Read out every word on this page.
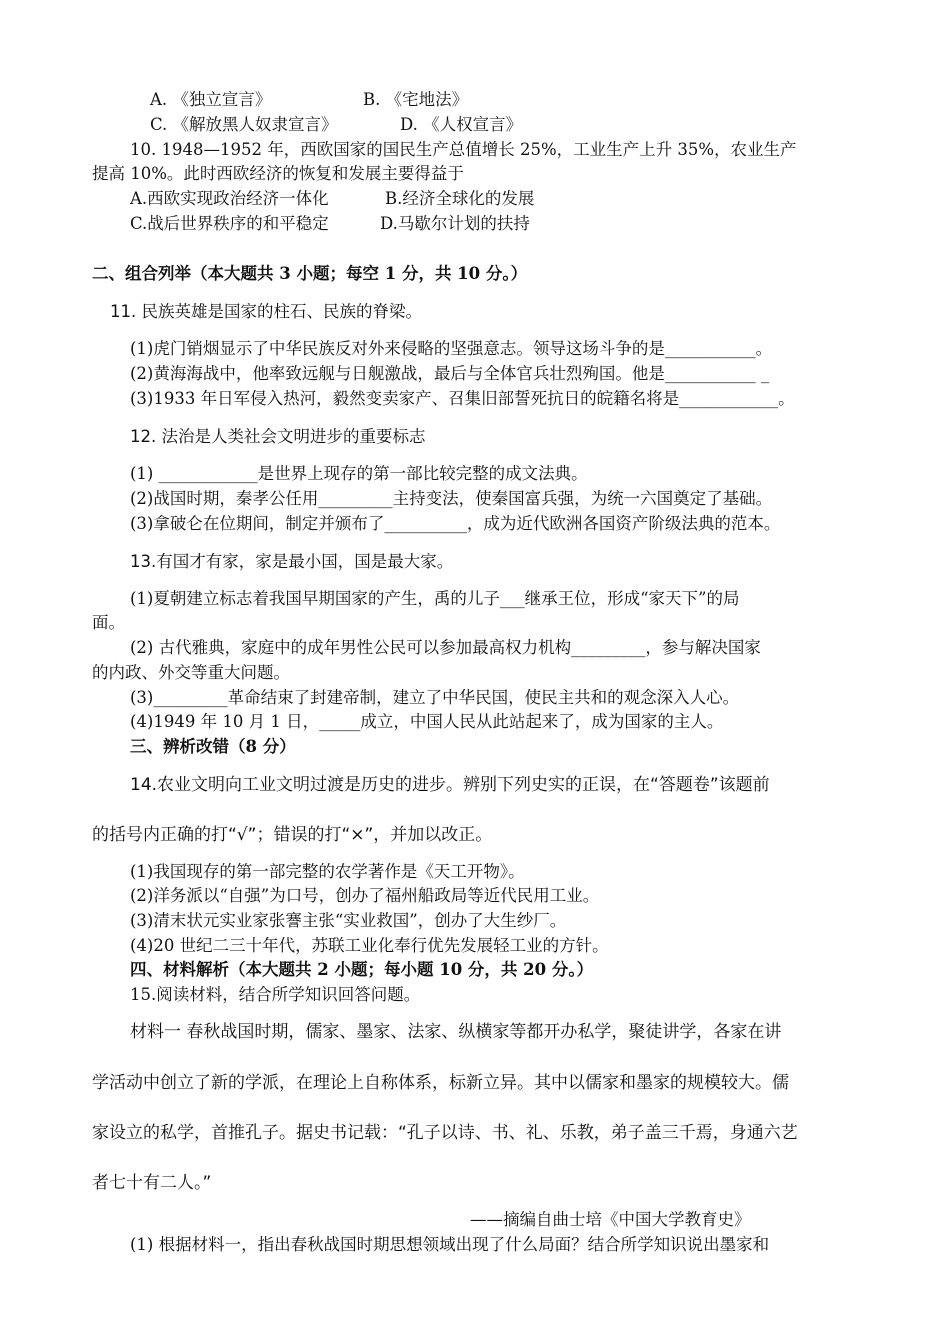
A. 《独立宣言》	B. 《宅地法》
C. 《解放黑人奴隶宣言》	D. 《人权宣言》
10. 1948—1952 年，西欧国家的国民生产总值增长 25%，工业生产上升 35%，农业生产
提高 10%。此时西欧经济的恢复和发展主要得益于
A.西欧实现政治经济一体化	B.经济全球化的发展
C.战后世界秩序的和平稳定	D.马歇尔计划的扶持
二、组合列举（本大题共 3 小题；每空 1 分，共 10 分。）
11. 民族英雄是国家的柱石、民族的脊梁。
(1)虎门销烟显示了中华民族反对外来侵略的坚强意志。领导这场斗争的是___________。
(2)黄海海战中，他率致远舰与日舰激战，最后与全体官兵壮烈殉国。他是___________ _
(3)1933 年日军侵入热河，毅然变卖家产、召集旧部誓死抗日的皖籍名将是____________。
12. 法治是人类社会文明进步的重要标志
(1) ____________是世界上现存的第一部比较完整的成文法典。
(2)战国时期，秦孝公任用_________主持变法，使秦国富兵强，为统一六国奠定了基础。
(3)拿破仑在位期间，制定并颁布了__________，成为近代欧洲各国资产阶级法典的范本。
13.有国才有家，家是最小国，国是最大家。
(1)夏朝建立标志着我国早期国家的产生，禹的儿子___继承王位，形成“家天下”的局
面。
(2) 古代雅典，家庭中的成年男性公民可以参加最高权力机构_________，参与解决国家
的内政、外交等重大问题。
(3)_________革命结束了封建帝制，建立了中华民国，使民主共和的观念深入人心。
(4)1949 年 10 月 1 日，_____成立，中国人民从此站起来了，成为国家的主人。
三、辨析改错（8 分）
14.农业文明向工业文明过渡是历史的进步。辨别下列史实的正误，在“答题卷”该题前
的括号内正确的打“√”；错误的打“×”，并加以改正。
(1)我国现存的第一部完整的农学著作是《天工开物》。
(2)洋务派以“自强”为口号，创办了福州船政局等近代民用工业。
(3)清末状元实业家张謇主张“实业救国”，创办了大生纱厂。
(4)20 世纪二三十年代，苏联工业化奉行优先发展轻工业的方针。
四、材料解析（本大题共 2 小题；每小题 10 分，共 20 分。）
15.阅读材料，结合所学知识回答问题。
材料一 春秋战国时期，儒家、墨家、法家、纵横家等都开办私学，聚徒讲学，各家在讲
学活动中创立了新的学派，在理论上自称体系，标新立异。其中以儒家和墨家的规模较大。儒
家设立的私学，首推孔子。据史书记载：“孔子以诗、书、礼、乐教，弟子盖三千焉，身通六艺
者七十有二人。”
——摘编自曲士培《中国大学教育史》
(1) 根据材料一，指出春秋战国时期思想领域出现了什么局面？结合所学知识说出墨家和
